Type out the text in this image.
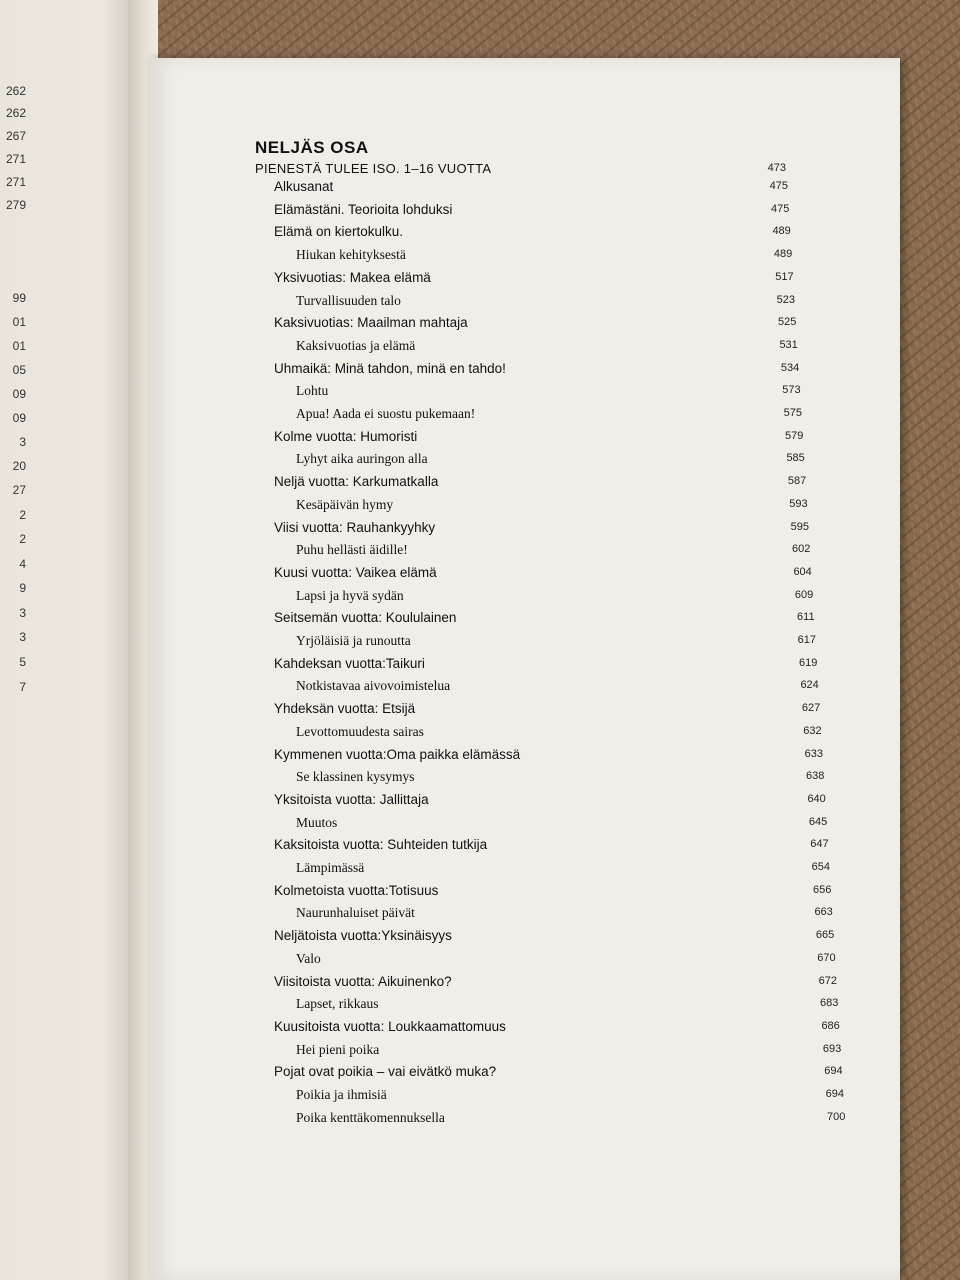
262
262
267
271
271
279
99
01
01
05
09
09
3
20
27
2
2
4
9
3
3
5
7
NELJÄS OSA
PIENESTÄ TULEE ISO. 1–16 VUOTTA	473
Alkusanat	475
Elämästäni. Teorioita lohduksi	475
Elämä on kiertokulku.	489
Hiukan kehityksestä	489
Yksivuotias: Makea elämä	517
Turvallisuuden talo	523
Kaksivuotias: Maailman mahtaja	525
Kaksivuotias ja elämä	531
Uhmaikä: Minä tahdon, minä en tahdo!	534
Lohtu	573
Apua! Aada ei suostu pukemaan!	575
Kolme vuotta: Humoristi	579
Lyhyt aika auringon alla	585
Neljä vuotta: Karkumatkalla	587
Kesäpäivän hymy	593
Viisi vuotta: Rauhankyyhky	595
Puhu hellästi äidille!	602
Kuusi vuotta: Vaikea elämä	604
Lapsi ja hyvä sydän	609
Seitsemän vuotta: Koululainen	611
Yrjöläisiä ja runoutta	617
Kahdeksan vuotta:Taikuri	619
Notkistavaa aivovoimistelua	624
Yhdeksän vuotta: Etsijä	627
Levottomuudesta sairas	632
Kymmenen vuotta:Oma paikka elämässä	633
Se klassinen kysymys	638
Yksitoista vuotta: Jallittaja	640
Muutos	645
Kaksitoista vuotta: Suhteiden tutkija	647
Lämpimässä	654
Kolmetoista vuotta:Totisuus	656
Naurunhaluiset päivät	663
Neljätoista vuotta:Yksinäisyys	665
Valo	670
Viisitoista vuotta: Aikuinenko?	672
Lapset, rikkaus	683
Kuusitoista vuotta: Loukkaamattomuus	686
Hei pieni poika	693
Pojat ovat poikia – vai eivätkö muka?	694
Poikia ja ihmisiä	694
Poika kenttäkomennuksella	700
